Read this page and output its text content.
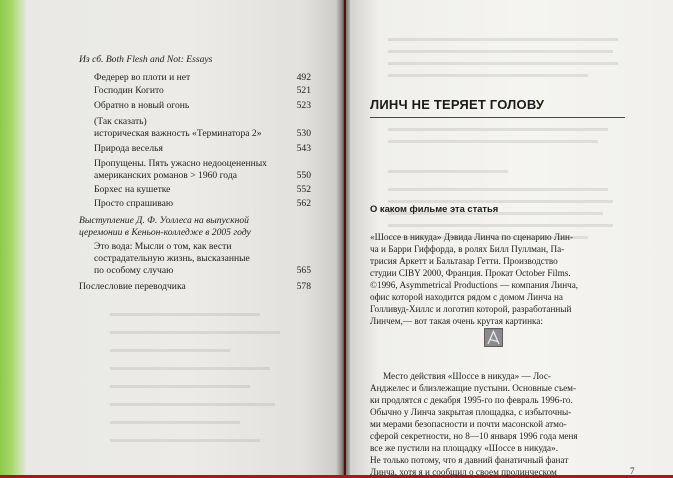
Из сб. Both Flesh and Not: Essays
Федерер во плоти и нет	492
Господин Когито	521
Обратно в новый огонь	523
(Так сказать)
историческая важность «Терминатора 2»	530
Природа веселья	543
Пропущены. Пять ужасно недооцененных
американских романов > 1960 года	550
Борхес на кушетке	552
Просто спрашиваю	562
Выступление Д. Ф. Уоллеса на выпускной
церемонии в Кеньон-колледже в 2005 году
Это вода: Мысли о том, как вести
сострадательную жизнь, высказанные
по особому случаю	565
Послесловие переводчика	578
ЛИНЧ НЕ ТЕРЯЕТ ГОЛОВУ
О каком фильме эта статья
«Шоссе в никуда» Дэвида Линча по сценарию Лин-
ча и Барри Гиффорда, в ролях Билл Пуллман, Па-
трисия Аркетт и Бальтазар Гетти. Производство
студии CIBY 2000, Франция. Прокат October Films.
©1996, Asymmetrical Productions — компания Линча,
офис которой находится рядом с домом Линча на
Голливуд-Хиллс и логотип которой, разработанный
Линчем,— вот такая очень крутая картинка:
Место действия «Шоссе в никуда» — Лос-
Анджелес и близлежащие пустыни. Основные съем-
ки продлятся с декабря 1995-го по февраль 1996-го.
Обычно у Линча закрытая площадка, с избыточны-
ми мерами безопасности и почти масонской атмо-
сферой секретности, но 8—10 января 1996 года меня
все же пустили на площадку «Шоссе в никуда».
Не только потому, что я давний фанатичный фанат
Линча, хотя я и сообщил о своем пролинческом	7
